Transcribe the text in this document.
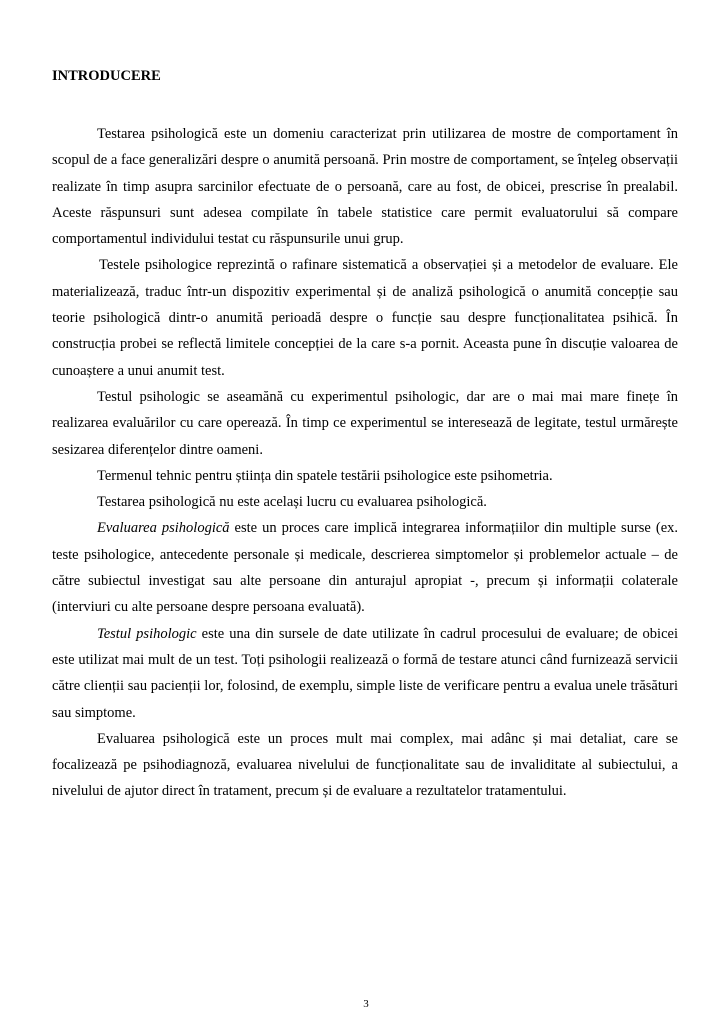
INTRODUCERE

Testarea psihologică este un domeniu caracterizat prin utilizarea de mostre de comportament în scopul de a face generalizări despre o anumită persoană. Prin mostre de comportament, se înțeleg observații realizate în timp asupra sarcinilor efectuate de o persoană, care au fost, de obicei, prescrise în prealabil. Aceste răspunsuri sunt adesea compilate în tabele statistice care permit evaluatorului să compare comportamentul individului testat cu răspunsurile unui grup.

Testele psihologice reprezintă o rafinare sistematică a observației și a metodelor de evaluare. Ele materializează, traduc într-un dispozitiv experimental și de analiză psihologică o anumită concepție sau teorie psihologică dintr-o anumită perioadă despre o funcție sau despre funcționalitatea psihică. În construcția probei se reflectă limitele concepției de la care s-a pornit. Aceasta pune în discuție valoarea de cunoaștere a unui anumit test.

Testul psihologic se aseamănă cu experimentul psihologic, dar are o mai mai mare finețe în realizarea evaluărilor cu care operează. În timp ce experimentul se interesează de legitate, testul urmărește sesizarea diferențelor dintre oameni.

Termenul tehnic pentru știința din spatele testării psihologice este psihometria.

Testarea psihologică nu este același lucru cu evaluarea psihologică.

Evaluarea psihologică este un proces care implică integrarea informațiilor din multiple surse (ex. teste psihologice, antecedente personale și medicale, descrierea simptomelor și problemelor actuale – de către subiectul investigat sau alte persoane din anturajul apropiat -, precum și informații colaterale (interviuri cu alte persoane despre persoana evaluată).

Testul psihologic este una din sursele de date utilizate în cadrul procesului de evaluare; de obicei este utilizat mai mult de un test. Toți psihologii realizează o formă de testare atunci când furnizează servicii către clienții sau pacienții lor, folosind, de exemplu, simple liste de verificare pentru a evalua unele trăsături sau simptome.

Evaluarea psihologică este un proces mult mai complex, mai adânc și mai detaliat, care se focalizează pe psihodiagnoză, evaluarea nivelului de funcționalitate sau de invaliditate al subiectului, a nivelului de ajutor direct în tratament, precum și de evaluare a rezultatelor tratamentului.

3
